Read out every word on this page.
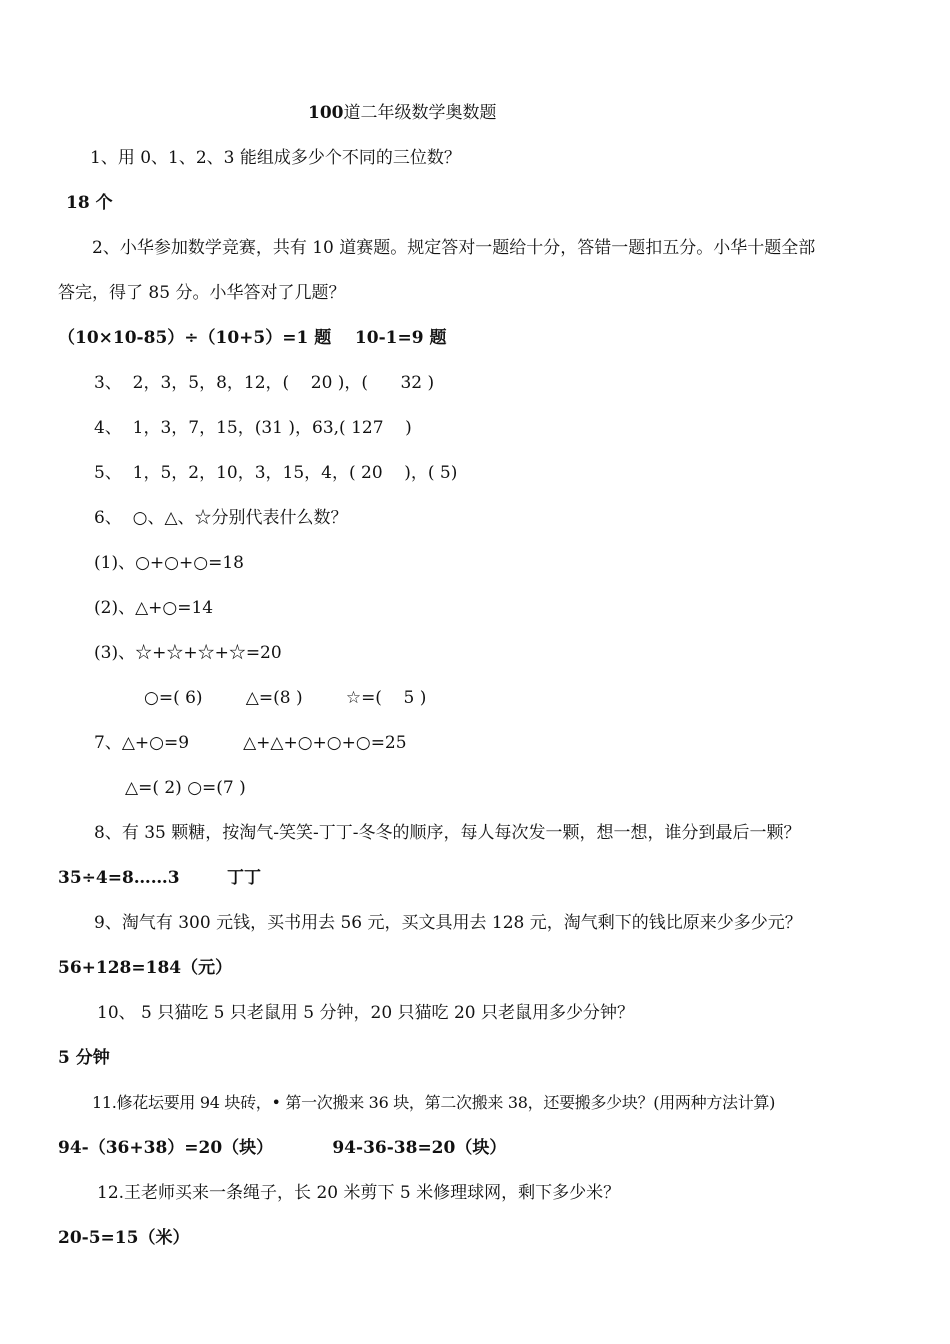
100道二年级数学奥数题
1、用 0、1、2、3 能组成多少个不同的三位数？
18 个
2、小华参加数学竞赛，共有 10 道赛题。规定答对一题给十分，答错一题扣五分。小华十题全部
答完，得了 85 分。小华答对了几题？
（10×10-85）÷（10+5）=1 题    10-1=9 题
3、  2，3，5，8，12，(    20 )，(      32 )
4、  1，3，7，15，(31 )，63,( 127    )
5、  1，5，2，10，3，15，4，( 20    )，( 5)
6、  ○、△、☆分别代表什么数？
(1)、○+○+○=18
(2)、△+○=14
(3)、☆+☆+☆+☆=20
○=( 6)        △=(8 )        ☆=(    5 )
7、△+○=9          △+△+○+○+○=25
△=( 2) ○=(7 )
8、有 35 颗糖，按淘气-笑笑-丁丁-冬冬的顺序，每人每次发一颗，想一想，谁分到最后一颗？
35÷4=8……3        丁丁
9、淘气有 300 元钱，买书用去 56 元，买文具用去 128 元，淘气剩下的钱比原来少多少元？
56+128=184（元）
10、 5 只猫吃 5 只老鼠用 5 分钟，20 只猫吃 20 只老鼠用多少分钟？
5 分钟
11.修花坛要用 94 块砖，• 第一次搬来 36 块，第二次搬来 38，还要搬多少块？(用两种方法计算)
94-（36+38）=20（块）          94-36-38=20（块）
12.王老师买来一条绳子，长 20 米剪下 5 米修理球网，剩下多少米？
20-5=15（米）
